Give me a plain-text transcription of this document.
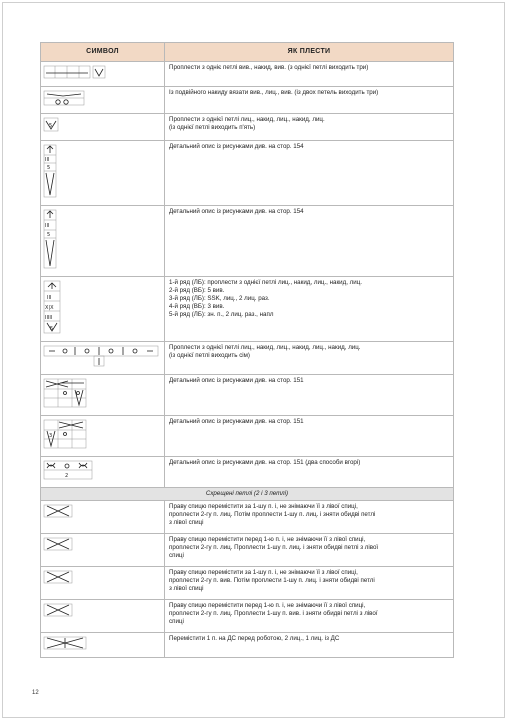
СИМВОЛ	ЯК ПЛЕСТИ

Проплести з одніє петлі вив., накид, вив. (з однієї петлі виходить три)

Із подвійного накиду вязати вив., лиц., вив. (із двох петель виходить три)

5	Проплести з однієї петлі лиц., накид, лиц., накид, лиц.
(із однієї петлі виходить п'ять)

III
5	Детальний опис із рисунками див. на стор. 154

III
5	Детальний опис із рисунками див. на стор. 154

III
X|X
IIIII
5	1-й ряд (ЛБ): проплести з однієї петлі лиц., накид, лиц., накид, лиц.
2-й ряд (ВБ): 5 вив.
3-й ряд (ЛБ): SSK, лиц., 2 лиц. раз.
4-й ряд (ВБ): 3 вив.
5-й ряд (ЛБ): зн. п., 2 лиц. раз., напл

Проплести з однієї петлі лиц., накид, лиц., накид, лиц., накид, лиц.
(із однієї петлі виходить сім)

Детальний опис із рисунками див. на стор. 151

3	Детальний опис із рисунками див. на стор. 151

2	Детальний опис із рисунками див. на стор. 151 (два способи вгорі)

Схрещені петлі (2 і 3 петлі)	

Праву спицю перемістити за 1-шу п. і, не знімаючи її з лівої спиці,
проплести 2-гу п. лиц. Потім проплести 1-шу п. лиц. і зняти обидві петлі
з лівої спиці

Праву спицю перемістити перед 1-ю п. і, не знімаючи її з лівої спиці,
проплести 2-гу п. лиц. Проплести 1-шу п. лиц. і зняти обидві петлі з лівої
спиці

Праву спицю перемістити за 1-шу п. і, не знімаючи її з лівої спиці,
проплести 2-гу п. вив. Потім проплести 1-шу п. лиц. і зняти обидві петлі
з лівої спиці

Праву спицю перемістити перед 1-ю п. і, не знімаючи її з лівої спиці,
проплести 2-гу п. лиц. Проплести 1-шу п. вив. і зняти обидві петлі з лівої
спиці

Перемістити 1 п. на ДС перед роботою, 2 лиц., 1 лиц. із ДС
12
